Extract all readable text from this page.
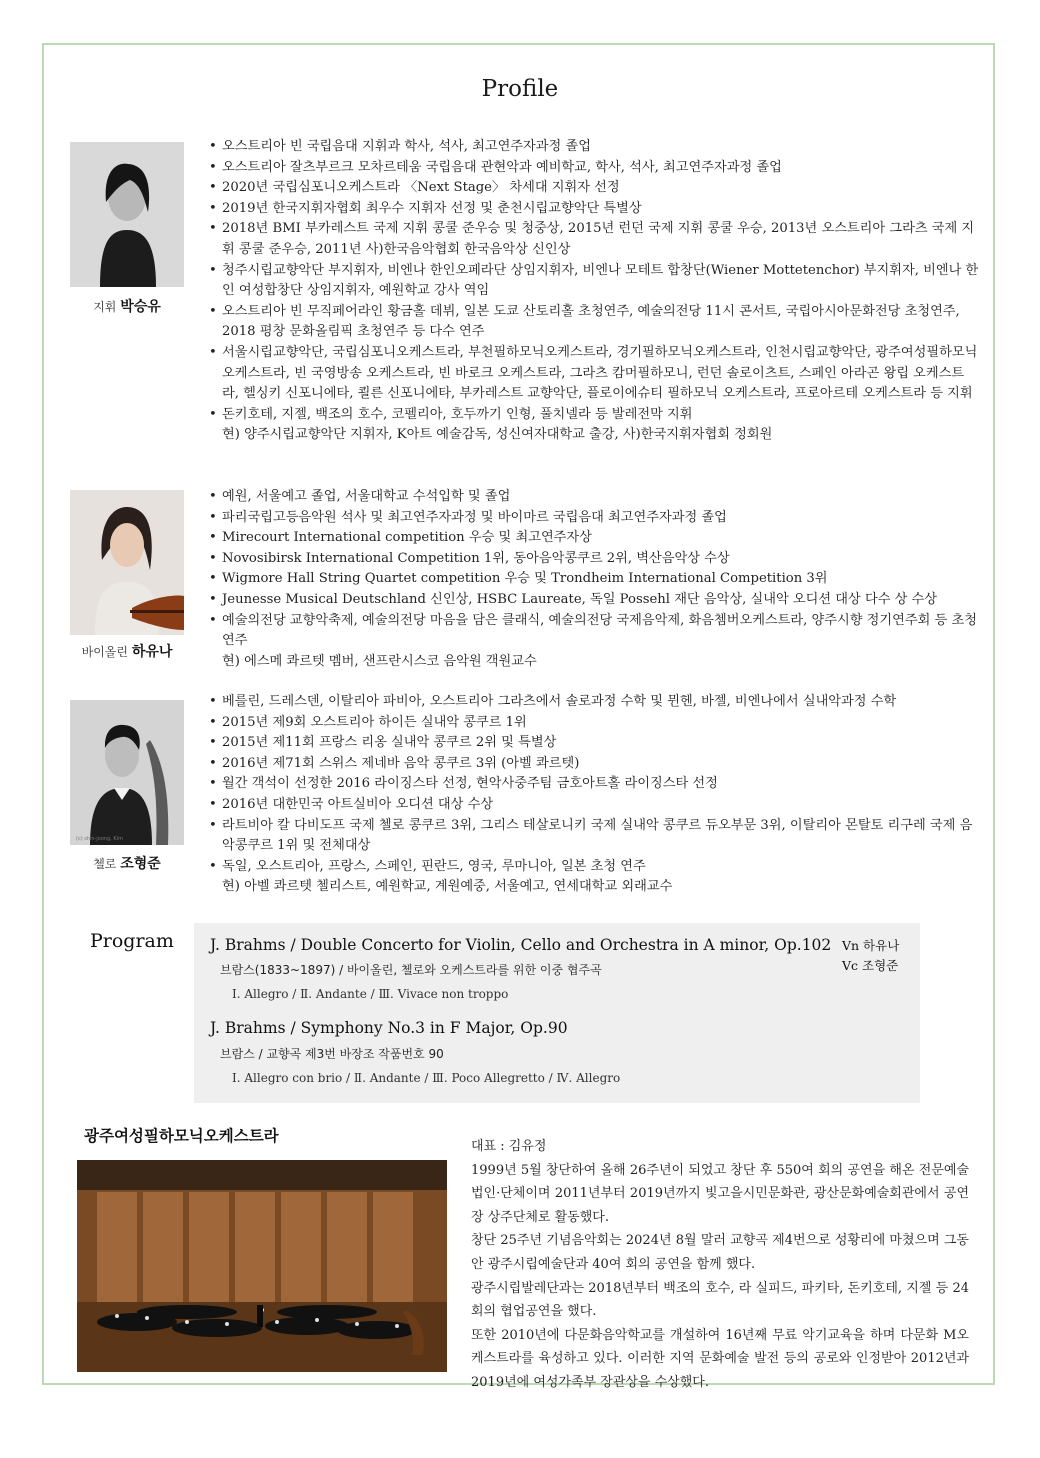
Profile
지휘 박승유
• 오스트리아 빈 국립음대 지휘과 학사, 석사, 최고연주자과정 졸업
• 오스트리아 잘츠부르크 모차르테움 국립음대 관현악과 예비학교, 학사, 석사, 최고연주자과정 졸업
• 2020년 국립심포니오케스트라 〈Next Stage〉 차세대 지휘자 선정
• 2019년 한국지휘자협회 최우수 지휘자 선정 및 춘천시립교향악단 특별상
• 2018년 BMI 부카레스트 국제 지휘 콩쿨 준우승 및 청중상, 2015년 런던 국제 지휘 콩쿨 우승, 2013년 오스트리아 그라츠 국제 지휘 콩쿨 준우승, 2011년 사)한국음악협회 한국음악상 신인상
• 청주시립교향악단 부지휘자, 비엔나 한인오페라단 상임지휘자, 비엔나 모테트 합창단(Wiener Mottetenchor) 부지휘자, 비엔나 한인 여성합창단 상임지휘자, 예원학교 강사 역임
• 오스트리아 빈 무직페어라인 황금홀 데뷔, 일본 도쿄 산토리홀 초청연주, 예술의전당 11시 콘서트, 국립아시아문화전당 초청연주, 2018 평창 문화올림픽 초청연주 등 다수 연주
• 서울시립교향악단, 국립심포니오케스트라, 부천필하모닉오케스트라, 경기필하모닉오케스트라, 인천시립교향악단, 광주여성필하모닉오케스트라, 빈 국영방송 오케스트라, 빈 바로크 오케스트라, 그라츠 캄머필하모니, 런던 솔로이츠트, 스페인 아라곤 왕립 오케스트라, 헬싱키 신포니에타, 쾰른 신포니에타, 부카레스트 교향악단, 플로이에슈티 필하모닉 오케스트라, 프로아르테 오케스트라 등 지휘
• 돈키호테, 지젤, 백조의 호수, 코펠리아, 호두까기 인형, 풀치넬라 등 발레전막 지휘
현) 양주시립교향악단 지휘자, K아트 예술감독, 성신여자대학교 출강, 사)한국지휘자협회 정회원
바이올린 하유나
• 예원, 서울예고 졸업, 서울대학교 수석입학 및 졸업
• 파리국립고등음악원 석사 및 최고연주자과정 및 바이마르 국립음대 최고연주자과정 졸업
• Mirecourt International competition 우승 및 최고연주자상
• Novosibirsk International Competition 1위, 동아음악콩쿠르 2위, 벽산음악상 수상
• Wigmore Hall String Quartet competition 우승 및 Trondheim International Competition 3위
• Jeunesse Musical Deutschland 신인상, HSBC Laureate, 독일 Possehl 재단 음악상, 실내악 오디션 대상 다수 상 수상
• 예술의전당 교향악축제, 예술의전당 마음을 담은 클래식, 예술의전당 국제음악제, 화음쳄버오케스트라, 양주시향 정기연주회 등 초청연주
현) 에스메 콰르텟 멤버, 샌프란시스코 음악원 객원교수
(c) shin-joong, Kim
첼로 조형준
• 베를린, 드레스덴, 이탈리아 파비아, 오스트리아 그라츠에서 솔로과정 수학 및 뮌헨, 바젤, 비엔나에서 실내악과정 수학
• 2015년 제9회 오스트리아 하이든 실내악 콩쿠르 1위
• 2015년 제11회 프랑스 리옹 실내악 콩쿠르 2위 및 특별상
• 2016년 제71회 스위스 제네바 음악 콩쿠르 3위 (아벨 콰르텟)
• 월간 객석이 선정한 2016 라이징스타 선정, 현악사중주팀 금호아트홀 라이징스타 선정
• 2016년 대한민국 아트실비아 오디션 대상 수상
• 라트비아 칼 다비도프 국제 첼로 콩쿠르 3위, 그리스 테살로니키 국제 실내악 콩쿠르 듀오부문 3위, 이탈리아 몬탈토 리구레 국제 음악콩쿠르 1위 및 전체대상
• 독일, 오스트리아, 프랑스, 스페인, 핀란드, 영국, 루마니아, 일본 초청 연주
현) 아벨 콰르텟 첼리스트, 예원학교, 계원예중, 서울예고, 연세대학교 외래교수
Program J. Brahms / Double Concerto for Violin, Cello and Orchestra in A minor, Op.102
브람스(1833~1897) / 바이올린, 첼로와 오케스트라를 위한 이중 협주곡
Ⅰ. Allegro / Ⅱ. Andante / Ⅲ. Vivace non troppo
Vn 하유나
Vc 조형준
J. Brahms / Symphony No.3 in F Major, Op.90
브람스 / 교향곡 제3번 바장조 작품번호 90
Ⅰ. Allegro con brio / Ⅱ. Andante / Ⅲ. Poco Allegretto / Ⅳ. Allegro
광주여성필하모닉오케스트라

대표 : 김유정

1999년 5월 창단하여 올해 26주년이 되었고 창단 후 550여 회의 공연을 해온 전문예술법인·단체이며 2011년부터 2019년까지 빛고을시민문화관, 광산문화예술회관에서 공연장 상주단체로 활동했다.

창단 25주년 기념음악회는 2024년 8월 말러 교향곡 제4번으로 성황리에 마쳤으며 그동안 광주시립예술단과 40여 회의 공연을 함께 했다.

광주시립발레단과는 2018년부터 백조의 호수, 라 실피드, 파키타, 돈키호테, 지젤 등 24회의 협업공연을 했다.

또한 2010년에 다문화음악학교를 개설하여 16년째 무료 악기교육을 하며 다문화 M오케스트라를 육성하고 있다. 이러한 지역 문화예술 발전 등의 공로와 인정받아 2012년과 2019년에 여성가족부 장관상을 수상했다.
